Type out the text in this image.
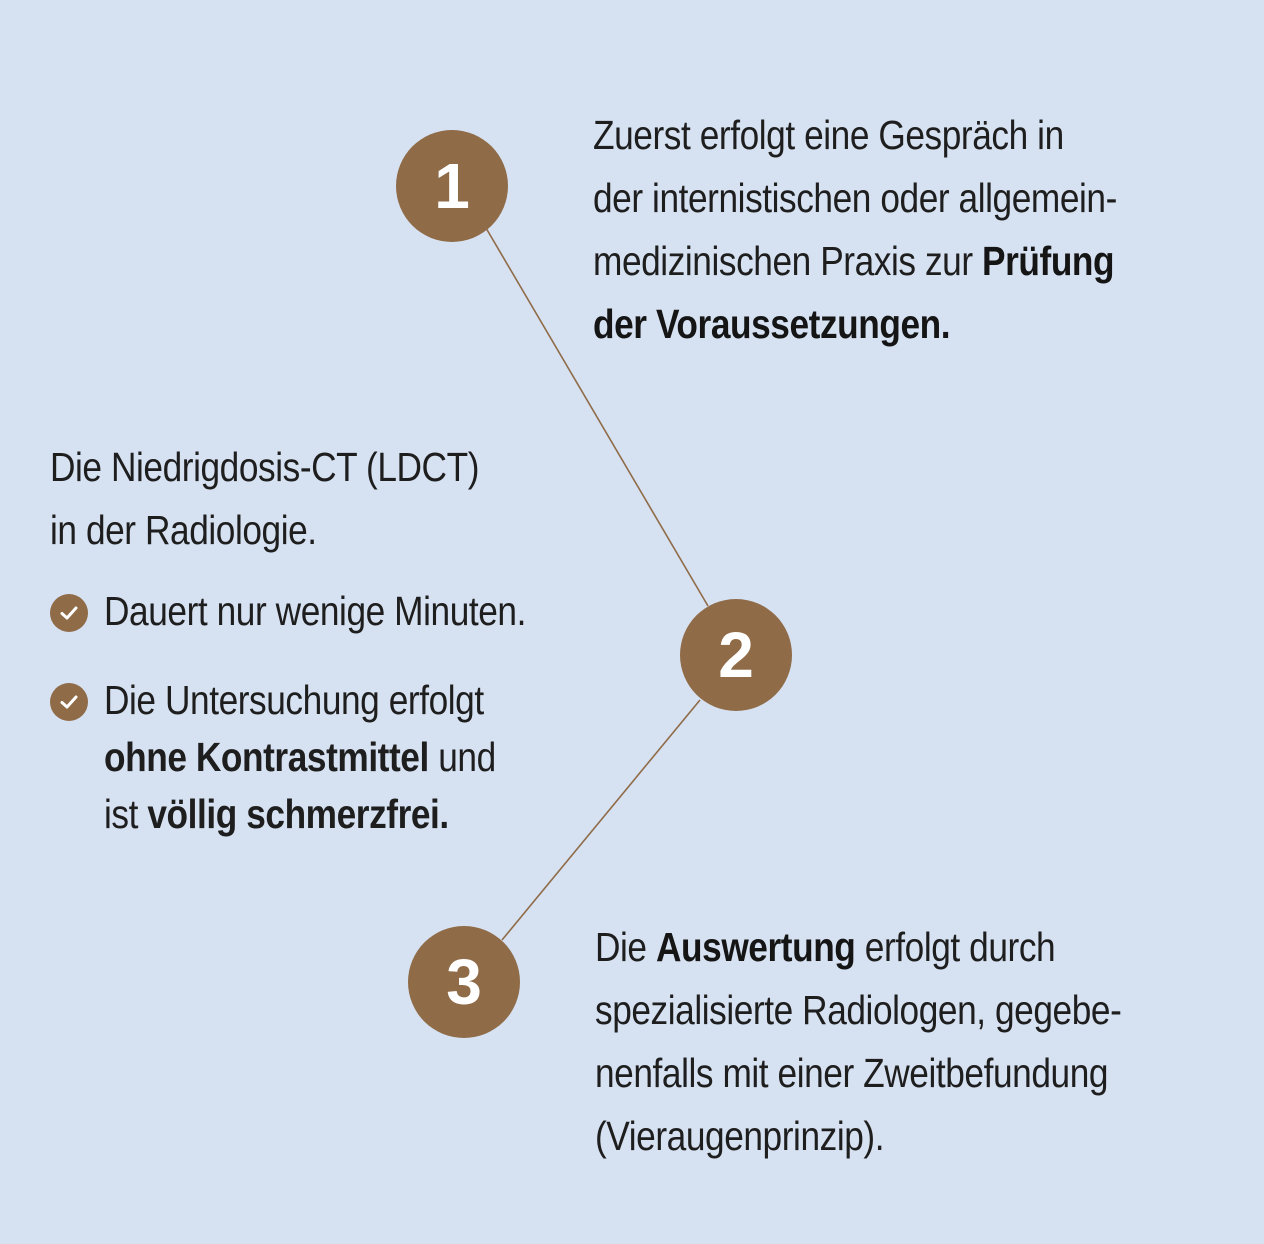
1
2
3
Zuerst erfolgt eine Gespräch in
der internistischen oder allgemein-
medizinischen Praxis zur Prüfung
der Voraussetzungen.
Die Niedrigdosis-CT (LDCT)
in der Radiologie.
Dauert nur wenige Minuten.
Die Untersuchung erfolgt
ohne Kontrastmittel und
ist völlig schmerzfrei.
Die Auswertung erfolgt durch
spezialisierte Radiologen, gegebe-
nenfalls mit einer Zweitbefundung
(Vieraugenprinzip).
